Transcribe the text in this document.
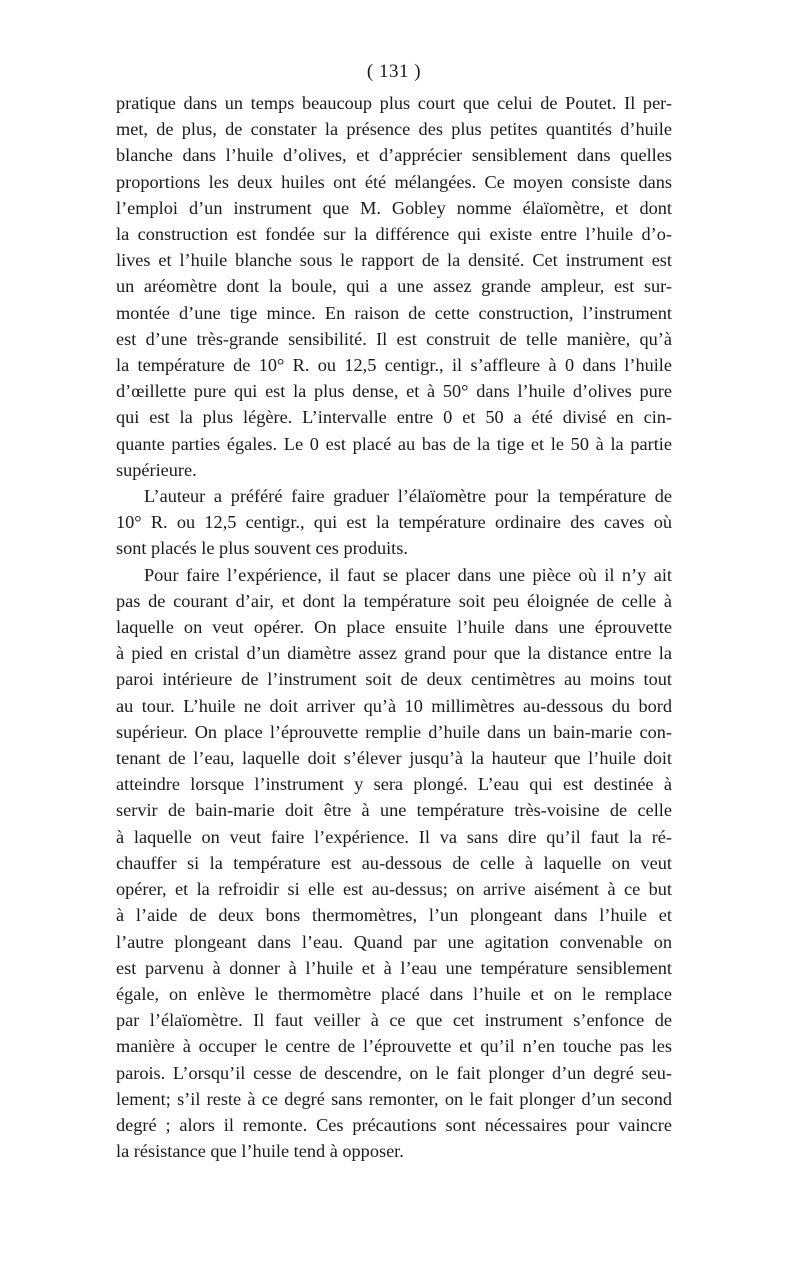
( 131 )
pratique dans un temps beaucoup plus court que celui de Poutet. Il per-
met, de plus, de constater la présence des plus petites quantités d’huile
blanche dans l’huile d’olives, et d’apprécier sensiblement dans quelles
proportions les deux huiles ont été mélangées. Ce moyen consiste dans
l’emploi d’un instrument que M. Gobley nomme élaïomètre, et dont
la construction est fondée sur la différence qui existe entre l’huile d’o-
lives et l’huile blanche sous le rapport de la densité. Cet instrument est
un aréomètre dont la boule, qui a une assez grande ampleur, est sur-
montée d’une tige mince. En raison de cette construction, l’instrument
est d’une très-grande sensibilité. Il est construit de telle manière, qu’à
la température de 10° R. ou 12,5 centigr., il s’affleure à 0 dans l’huile
d’œillette pure qui est la plus dense, et à 50° dans l’huile d’olives pure
qui est la plus légère. L’intervalle entre 0 et 50 a été divisé en cin-
quante parties égales. Le 0 est placé au bas de la tige et le 50 à la partie
supérieure.
L’auteur a préféré faire graduer l’élaïomètre pour la température de
10° R. ou 12,5 centigr., qui est la température ordinaire des caves où
sont placés le plus souvent ces produits.
Pour faire l’expérience, il faut se placer dans une pièce où il n’y ait
pas de courant d’air, et dont la température soit peu éloignée de celle à
laquelle on veut opérer. On place ensuite l’huile dans une éprouvette
à pied en cristal d’un diamètre assez grand pour que la distance entre la
paroi intérieure de l’instrument soit de deux centimètres au moins tout
au tour. L’huile ne doit arriver qu’à 10 millimètres au-dessous du bord
supérieur. On place l’éprouvette remplie d’huile dans un bain-marie con-
tenant de l’eau, laquelle doit s’élever jusqu’à la hauteur que l’huile doit
atteindre lorsque l’instrument y sera plongé. L’eau qui est destinée à
servir de bain-marie doit être à une température très-voisine de celle
à laquelle on veut faire l’expérience. Il va sans dire qu’il faut la ré-
chauffer si la température est au-dessous de celle à laquelle on veut
opérer, et la refroidir si elle est au-dessus; on arrive aisément à ce but
à l’aide de deux bons thermomètres, l’un plongeant dans l’huile et
l’autre plongeant dans l’eau. Quand par une agitation convenable on
est parvenu à donner à l’huile et à l’eau une température sensiblement
égale, on enlève le thermomètre placé dans l’huile et on le remplace
par l’élaïomètre. Il faut veiller à ce que cet instrument s’enfonce de
manière à occuper le centre de l’éprouvette et qu’il n’en touche pas les
parois. L’orsqu’il cesse de descendre, on le fait plonger d’un degré seu-
lement; s’il reste à ce degré sans remonter, on le fait plonger d’un second
degré ; alors il remonte. Ces précautions sont nécessaires pour vaincre
la résistance que l’huile tend à opposer.
